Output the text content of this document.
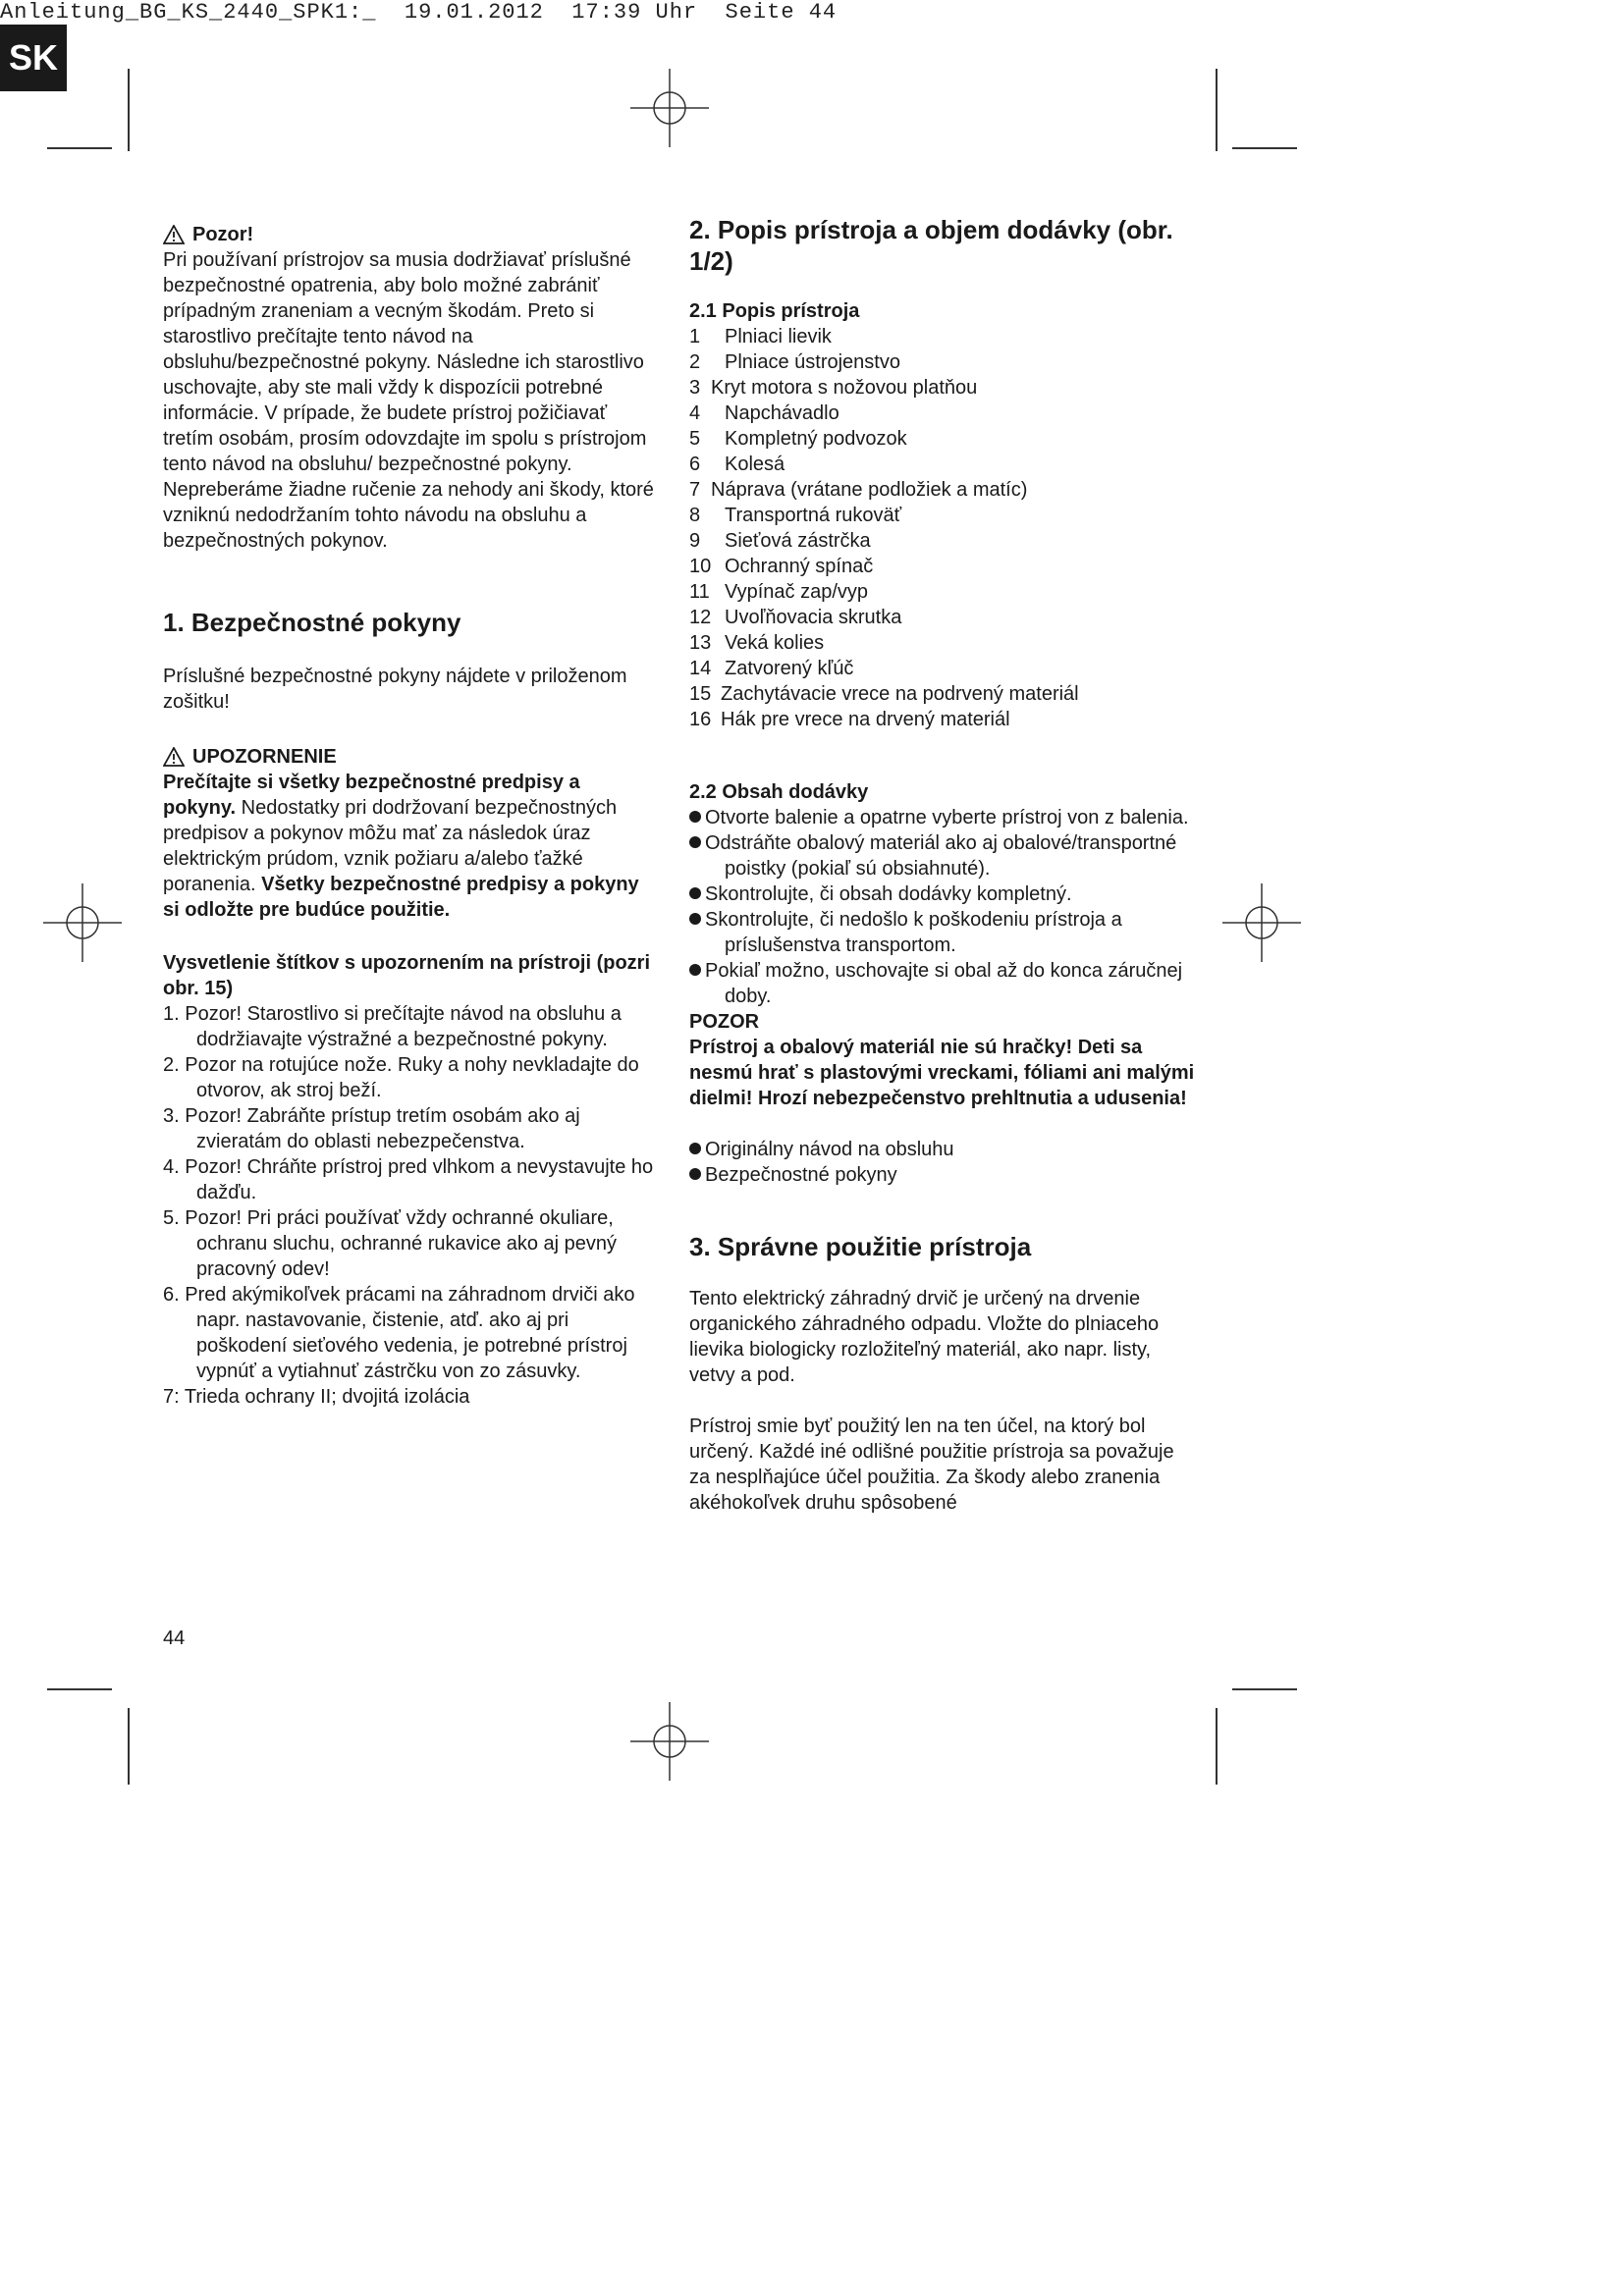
Anleitung_BG_KS_2440_SPK1:_  19.01.2012  17:39 Uhr  Seite 44
SK
Pozor!

Pri používaní prístrojov sa musia dodržiavať príslušné bezpečnostné opatrenia, aby bolo možné zabrániť prípadným zraneniam a vecným škodám. Preto si starostlivo prečítajte tento návod na obsluhu/bezpečnostné pokyny. Následne ich starostlivo uschovajte, aby ste mali vždy k dispozícii potrebné informácie. V prípade, že budete prístroj požičiavať tretím osobám, prosím odovzdajte im spolu s prístrojom tento návod na obsluhu/ bezpečnostné pokyny. Nepreberáme žiadne ručenie za nehody ani škody, ktoré vzniknú nedodržaním tohto návodu na obsluhu a bezpečnostných pokynov.

1. Bezpečnostné pokyny

Príslušné bezpečnostné pokyny nájdete v priloženom zošitku!

UPOZORNENIE

Prečítajte si všetky bezpečnostné predpisy a pokyny. Nedostatky pri dodržovaní bezpečnostných predpisov a pokynov môžu mať za následok úraz elektrickým prúdom, vznik požiaru a/alebo ťažké poranenia. Všetky bezpečnostné predpisy a pokyny si odložte pre budúce použitie.

Vysvetlenie štítkov s upozornením na prístroji (pozri obr. 15)
1. Pozor! Starostlivo si prečítajte návod na obsluhu a dodržiavajte výstražné a bezpečnostné pokyny.
2. Pozor na rotujúce nože. Ruky a nohy nevkladajte do otvorov, ak stroj beží.
3. Pozor! Zabráňte prístup tretím osobám ako aj zvieratám do oblasti nebezpečenstva.
4. Pozor! Chráňte prístroj pred vlhkom a nevystavujte ho dažďu.
5. Pozor! Pri práci používať vždy ochranné okuliare, ochranu sluchu, ochranné rukavice ako aj pevný pracovný odev!
6. Pred akýmikoľvek prácami na záhradnom drviči ako napr. nastavovanie, čistenie, atď. ako aj pri poškodení sieťového vedenia, je potrebné prístroj vypnúť a vytiahnuť zástrčku von zo zásuvky.
7: Trieda ochrany II; dvojitá izolácia
2. Popis prístroja a objem dodávky (obr. 1/2)
2.1 Popis prístroja
1	Plniaci lievik
2	Plniace ústrojenstvo
3 Kryt motora s nožovou platňou
4	Napchávadlo
5	Kompletný podvozok
6	Kolesá
7 Náprava (vrátane podložiek a matíc)
8	Transportná rukoväť
9	Sieťová zástrčka
10 Ochranný spínač
11 Vypínač zap/vyp
12 Uvoľňovacia skrutka
13 Veká kolies
14 Zatvorený kľúč
15 Zachytávacie vrece na podrvený materiál
16 Hák pre vrece na drvený materiál
2.2 Obsah dodávky
Otvorte balenie a opatrne vyberte prístroj von z balenia.
Odstráňte obalový materiál ako aj obalové/transportné poistky (pokiaľ sú obsiahnuté).
Skontrolujte, či obsah dodávky kompletný.
Skontrolujte, či nedošlo k poškodeniu prístroja a príslušenstva transportom.
Pokiaľ možno, uschovajte si obal až do konca záručnej doby.

POZOR

Prístroj a obalový materiál nie sú hračky! Deti sa nesmú hrať s plastovými vreckami, fóliami ani malými dielmi! Hrozí nebezpečenstvo prehltnutia a udusenia!

Originálny návod na obsluhu
Bezpečnostné pokyny
3. Správne použitie prístroja

Tento elektrický záhradný drvič je určený na drvenie organického záhradného odpadu. Vložte do plniaceho lievika biologicky rozložiteľný materiál, ako napr. listy, vetvy a pod.

Prístroj smie byť použitý len na ten účel, na ktorý bol určený. Každé iné odlišné použitie prístroja sa považuje za nesplňajúce účel použitia. Za škody alebo zranenia akéhokoľvek druhu spôsobené

44
